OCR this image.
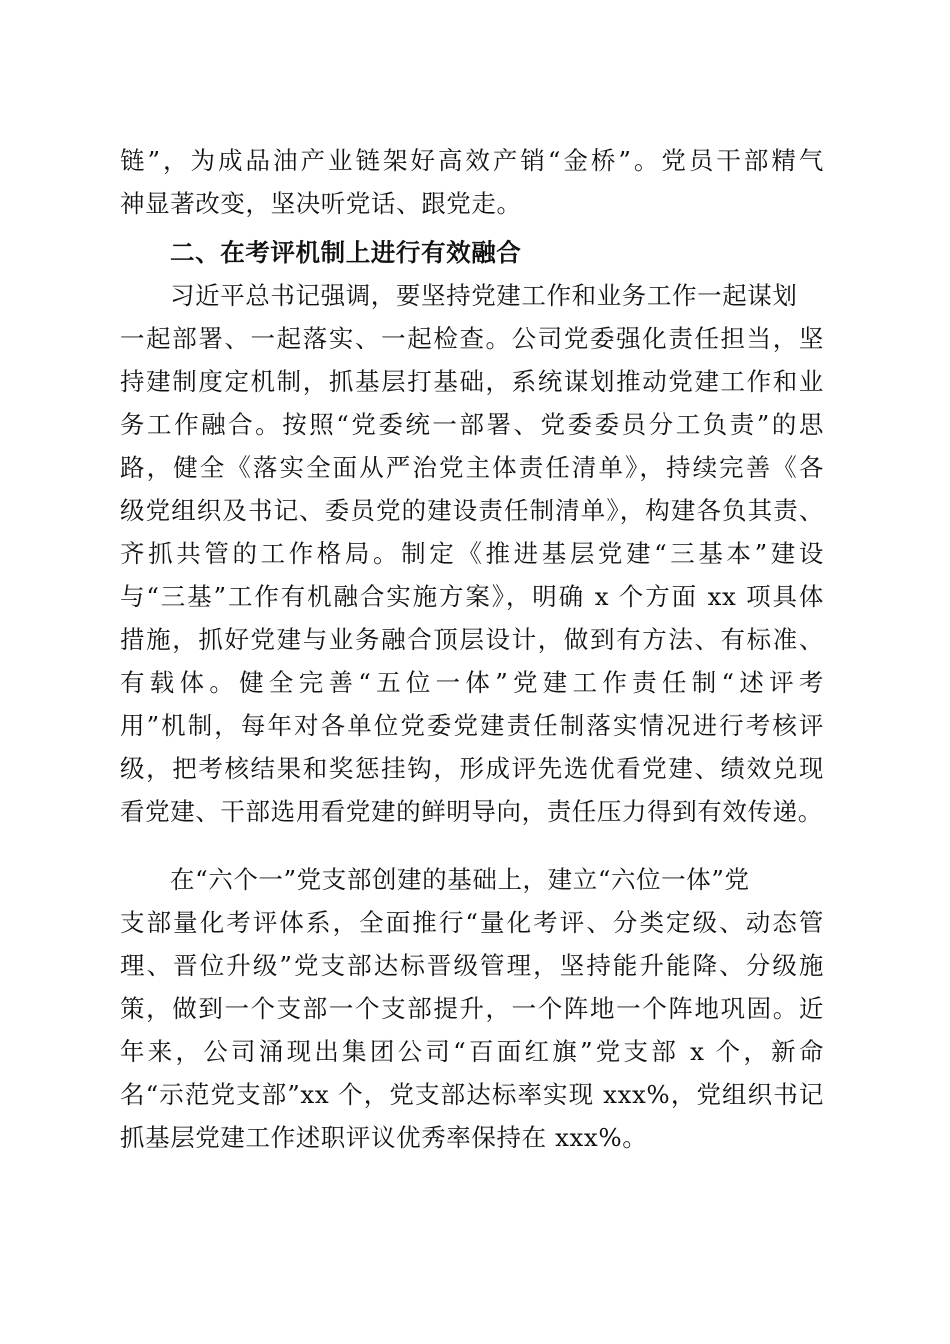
链”，为成品油产业链架好高效产销“金桥”。党员干部精气
神显著改变，坚决听党话、跟党走。
二、在考评机制上进行有效融合
习近平总书记强调，要坚持党建工作和业务工作一起谋划
一起部署、一起落实、一起检查。公司党委强化责任担当，坚
持建制度定机制，抓基层打基础，系统谋划推动党建工作和业
务工作融合。按照“党委统一部署、党委委员分工负责”的思
路，健全《落实全面从严治党主体责任清单》，持续完善《各
级党组织及书记、委员党的建设责任制清单》，构建各负其责、
齐抓共管的工作格局。制定《推进基层党建“三基本”建设
与“三基”工作有机融合实施方案》，明确 x 个方面 xx 项具体
措施，抓好党建与业务融合顶层设计，做到有方法、有标准、
有载体。健全完善“五位一体”党建工作责任制“述评考
用”机制，每年对各单位党委党建责任制落实情况进行考核评
级，把考核结果和奖惩挂钩，形成评先选优看党建、绩效兑现
看党建、干部选用看党建的鲜明导向，责任压力得到有效传递。
在“六个一”党支部创建的基础上，建立“六位一体”党
支部量化考评体系，全面推行“量化考评、分类定级、动态管
理、晋位升级”党支部达标晋级管理，坚持能升能降、分级施
策，做到一个支部一个支部提升，一个阵地一个阵地巩固。近
年来，公司涌现出集团公司“百面红旗”党支部 x 个，新命
名“示范党支部”xx 个，党支部达标率实现 xxx%，党组织书记
抓基层党建工作述职评议优秀率保持在 xxx%。
